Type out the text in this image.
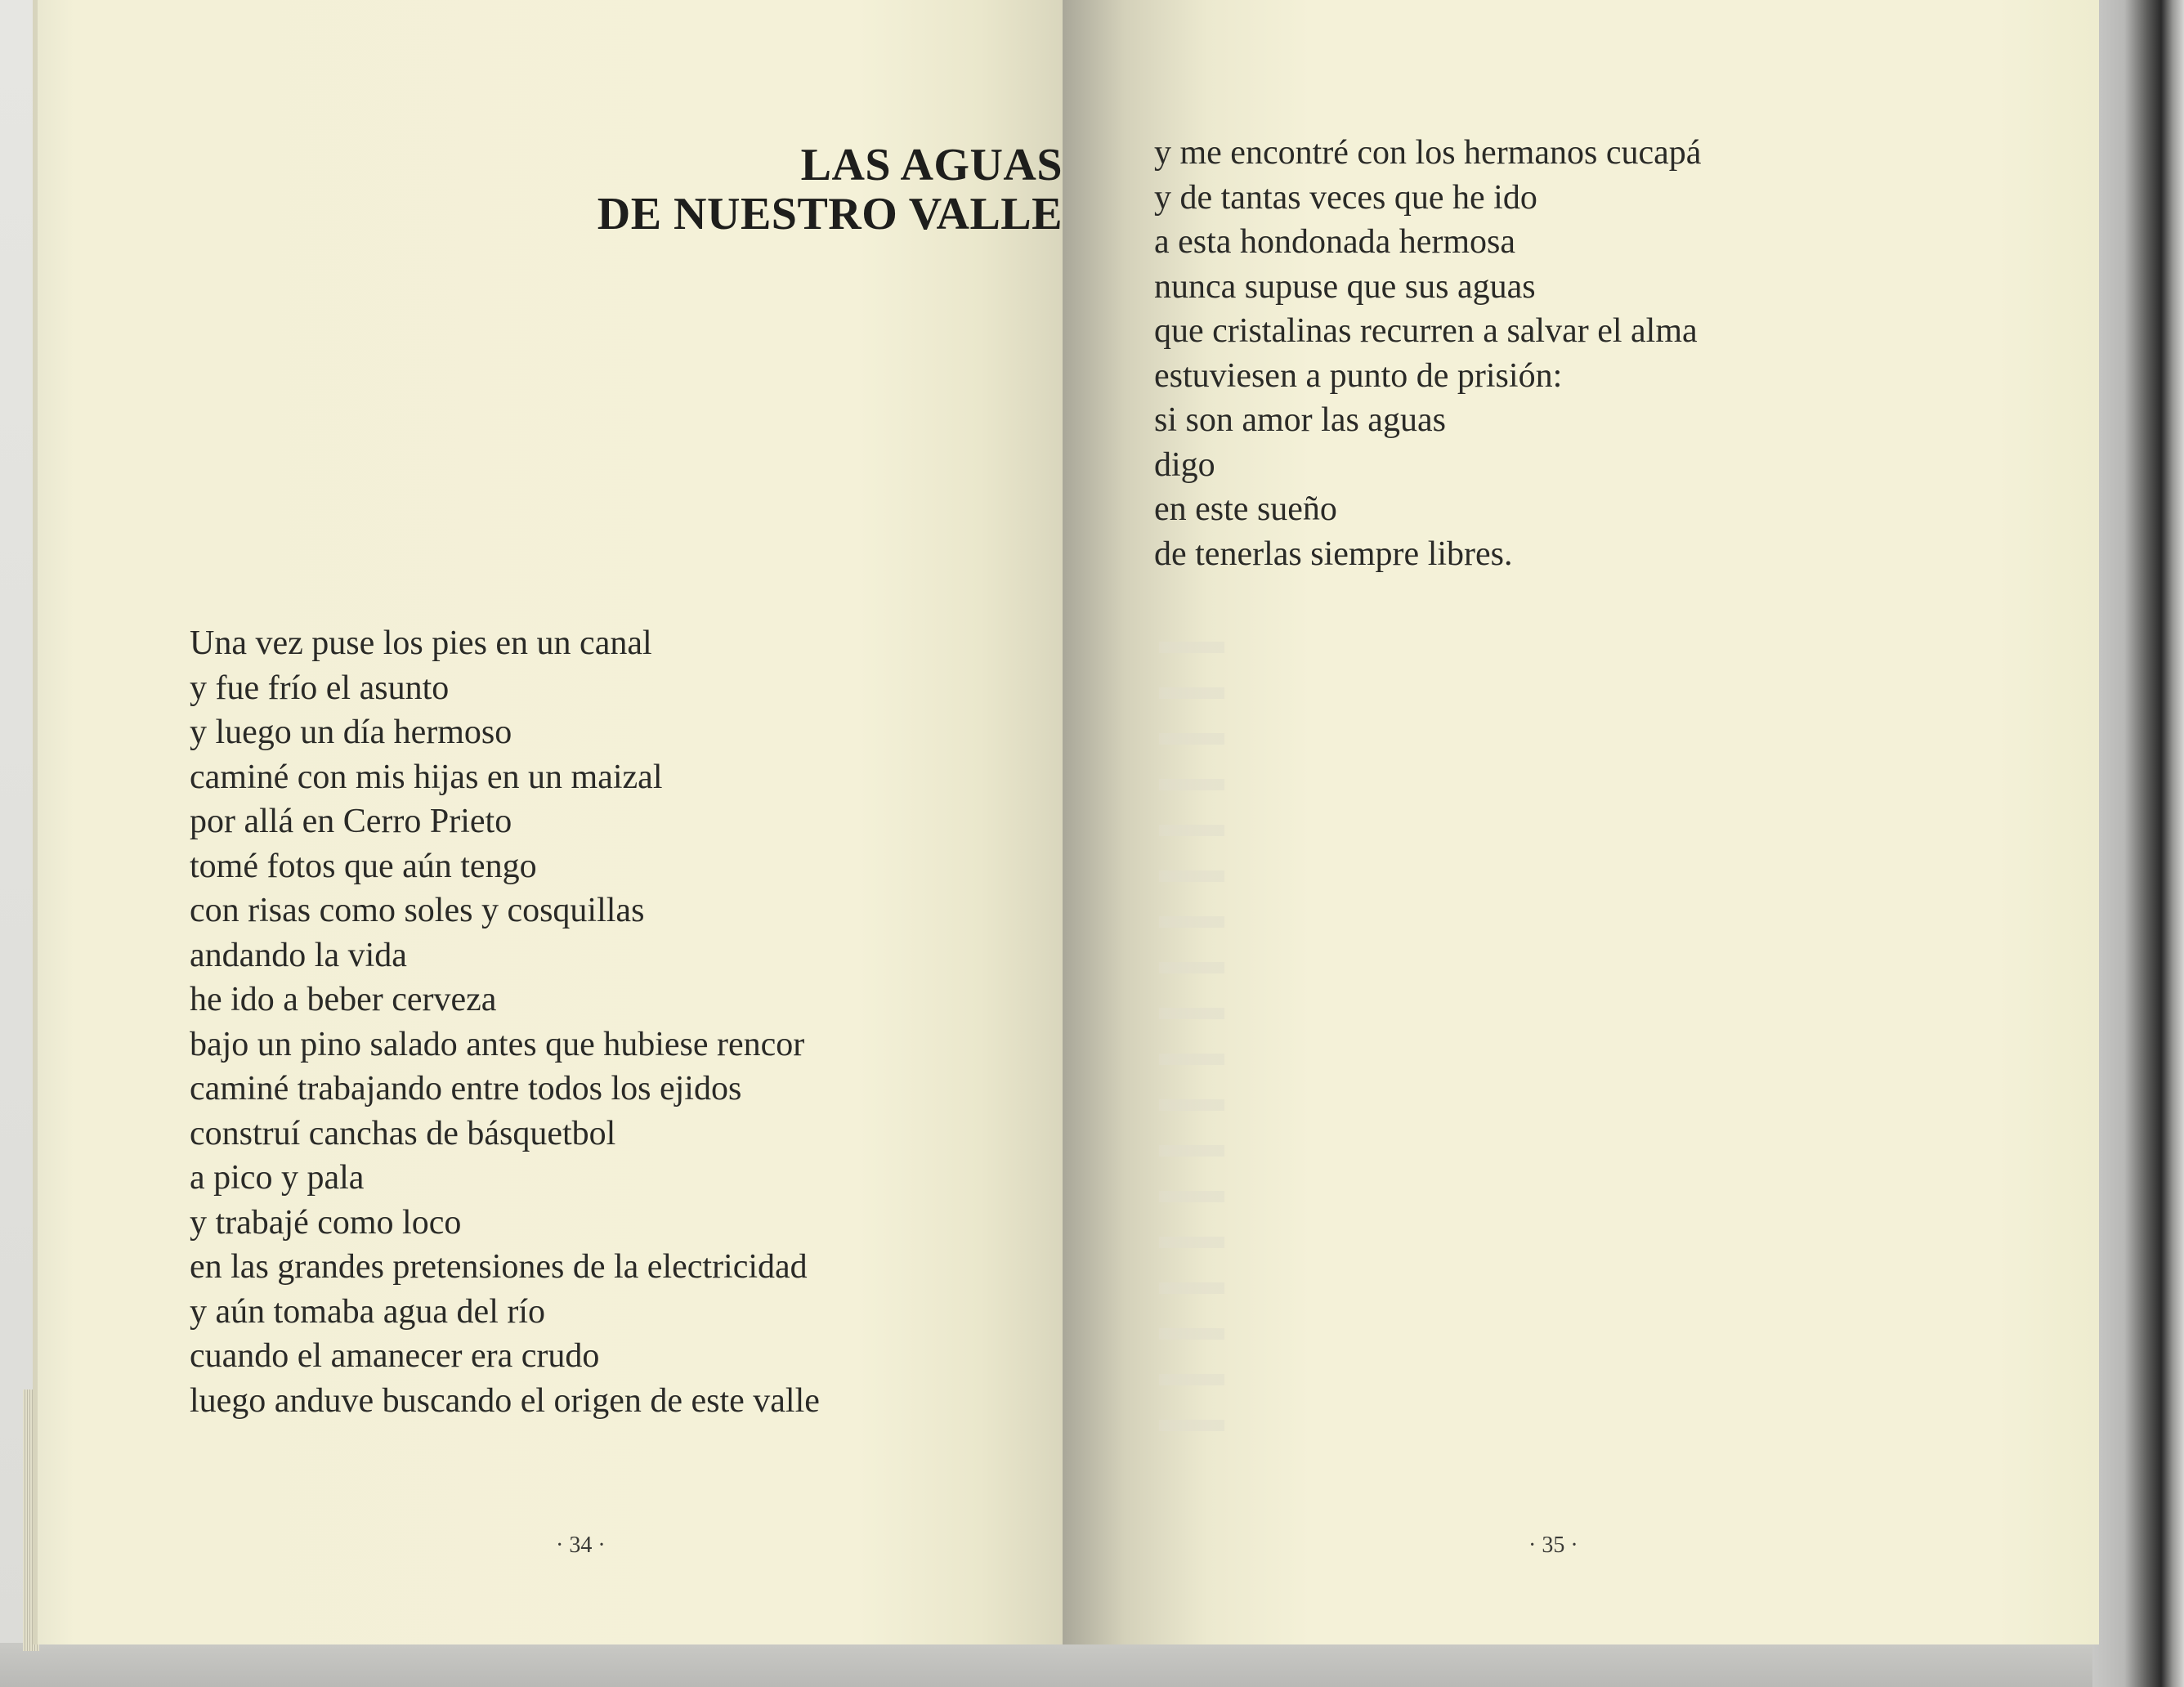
LAS AGUAS
DE NUESTRO VALLE
Una vez puse los pies en un canal
y fue frío el asunto
y luego un día hermoso
caminé con mis hijas en un maizal
por allá en Cerro Prieto
tomé fotos que aún tengo
con risas como soles y cosquillas
andando la vida
he ido a beber cerveza
bajo un pino salado antes que hubiese rencor
caminé trabajando entre todos los ejidos
construí canchas de básquetbol
a pico y pala
y trabajé como loco
en las grandes pretensiones de la electricidad
y aún tomaba agua del río
cuando el amanecer era crudo
luego anduve buscando el origen de este valle
· 34 ·
y me encontré con los hermanos cucapá
y de tantas veces que he ido
a esta hondonada hermosa
nunca supuse que sus aguas
que cristalinas recurren a salvar el alma
estuviesen a punto de prisión:
si son amor las aguas
digo
en este sueño
de tenerlas siempre libres.
· 35 ·
